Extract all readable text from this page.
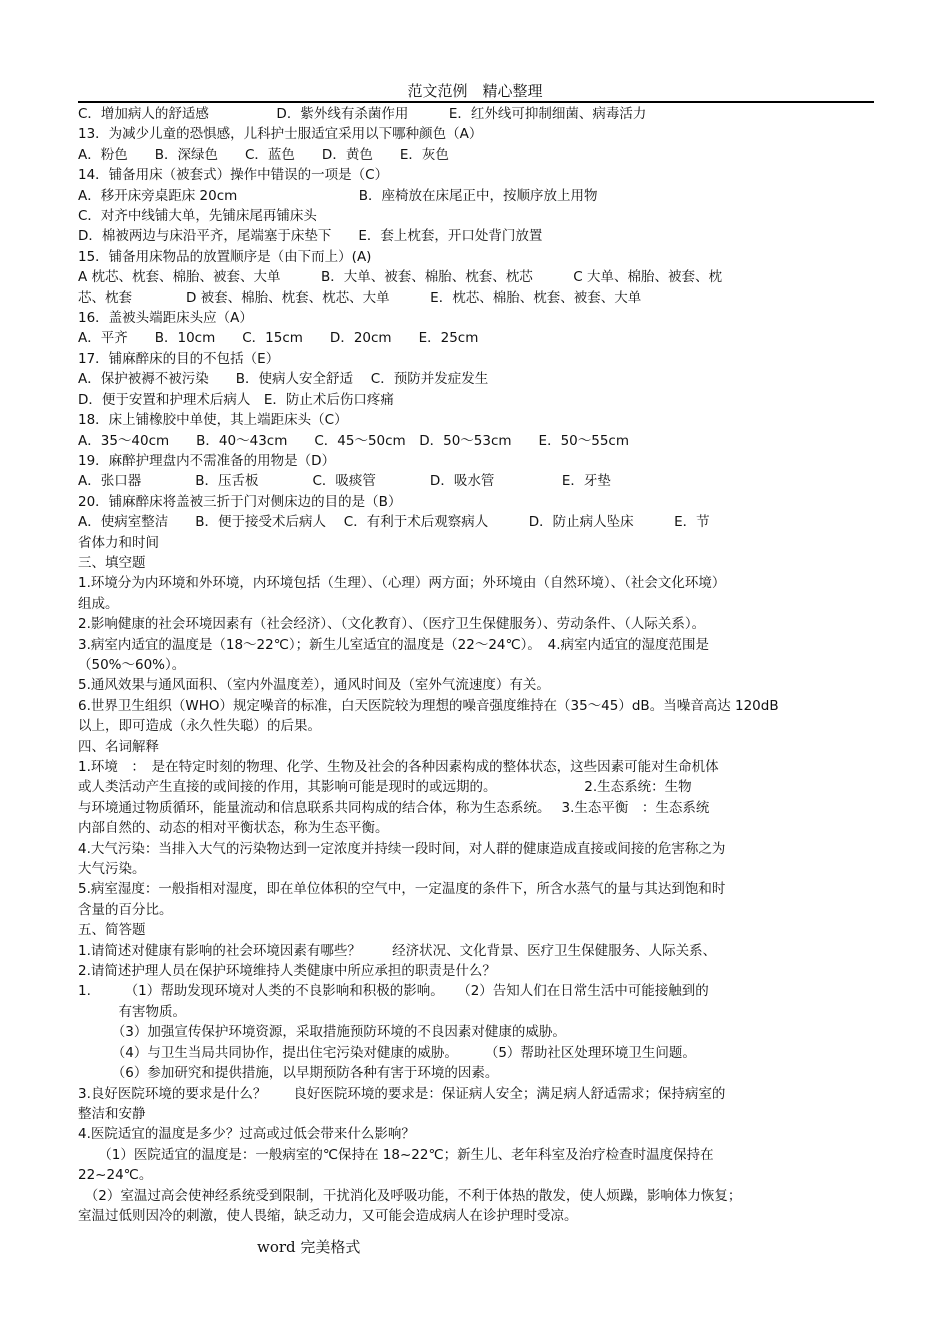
范文范例　精心整理
C．增加病人的舒适感　　　　　D．紫外线有杀菌作用　　　E．红外线可抑制细菌、病毒活力
13．为减少儿童的恐惧感，儿科护士服适宜采用以下哪种颜色（A）
A．粉色　　B．深绿色　　C．蓝色　　D．黄色　　E．灰色
14．铺备用床（被套式）操作中错误的一项是（C）
A．移开床旁桌距床 20cm　　　　　　　　　B．座椅放在床尾正中，按顺序放上用物
C．对齐中线铺大单，先铺床尾再铺床头
D．棉被两边与床沿平齐，尾端塞于床垫下　　E．套上枕套，开口处背门放置
15．铺备用床物品的放置顺序是（由下而上）(A)
A 枕芯、枕套、棉胎、被套、大单　　　B．大单、被套、棉胎、枕套、枕芯　　　C 大单、棉胎、被套、枕
芯、枕套　　　　D 被套、棉胎、枕套、枕芯、大单　　　E．枕芯、棉胎、枕套、被套、大单
16．盖被头端距床头应（A）
A．平齐　　B．10cm　　C．15cm　　D．20cm　　E．25cm
17．铺麻醉床的目的不包括（E）
A．保护被褥不被污染　　B．使病人安全舒适　 C．预防并发症发生
D．便于安置和护理术后病人　E．防止术后伤口疼痛
18．床上铺橡胶中单使，其上端距床头（C）
A．35～40cm　　B．40～43cm　　C．45～50cm　D．50～53cm　　E．50～55cm
19．麻醉护理盘内不需准备的用物是（D）
A．张口器　　　　B．压舌板　　　　C．吸痰管　　　　D．吸水管　　　　　E．牙垫
20．铺麻醉床将盖被三折于门对侧床边的目的是（B）
A．使病室整洁　　B．便于接受术后病人　 C．有利于术后观察病人　　　D．防止病人坠床　　　E．节
省体力和时间
三、填空题
1.环境分为内环境和外环境，内环境包括（生理）、（心理）两方面；外环境由（自然环境）、（社会文化环境）
组成。
2.影响健康的社会环境因素有（社会经济）、（文化教育）、（医疗卫生保健服务）、劳动条件、（人际关系）。
3.病室内适宜的温度是（18～22℃）；新生儿室适宜的温度是（22～24℃）。　4.病室内适宜的湿度范围是
（50%～60%）。
5.通风效果与通风面积、（室内外温度差），通风时间及（室外气流速度）有关。
6.世界卫生组织（WHO）规定噪音的标准，白天医院较为理想的噪音强度维持在（35～45）dB。当噪音高达 120dB
以上，即可造成（永久性失聪）的后果。
四、名词解释
1.环境　：　是在特定时刻的物理、化学、生物及社会的各种因素构成的整体状态，这些因素可能对生命机体
或人类活动产生直接的或间接的作用，其影响可能是现时的或远期的。　　　　　　　2.生态系统：生物
与环境通过物质循环，能量流动和信息联系共同构成的结合体，称为生态系统。　 3.生态平衡　：生态系统
内部自然的、动态的相对平衡状态，称为生态平衡。
4.大气污染：当排入大气的污染物达到一定浓度并持续一段时间，对人群的健康造成直接或间接的危害称之为
大气污染。
5.病室湿度：一般指相对湿度，即在单位体积的空气中，一定温度的条件下，所含水蒸气的量与其达到饱和时
含量的百分比。
五、简答题
1.请简述对健康有影响的社会环境因素有哪些？　　 经济状况、文化背景、医疗卫生保健服务、人际关系、
2.请简述护理人员在保护环境维持人类健康中所应承担的职责是什么？
1.　　　（1）帮助发现环境对人类的不良影响和积极的影响。　　（2）告知人们在日常生活中可能接触到的
　　　有害物质。
　　　（3）加强宣传保护环境资源，采取措施预防环境的不良因素对健康的威胁。
　　　（4）与卫生当局共同协作，提出住宅污染对健康的威胁。　　　（5）帮助社区处理环境卫生问题。
　　　（6）参加研究和提供措施，以早期预防各种有害于环境的因素。
3.良好医院环境的要求是什么？　　良好医院环境的要求是：保证病人安全；满足病人舒适需求；保持病室的
整洁和安静
4.医院适宜的温度是多少？过高或过低会带来什么影响？
　　（1）医院适宜的温度是：一般病室的℃保持在 18~22℃；新生儿、老年科室及治疗检查时温度保持在
22~24℃。
　（2）室温过高会使神经系统受到限制，干扰消化及呼吸功能，不利于体热的散发，使人烦躁，影响体力恢复；
室温过低则因冷的刺激，使人畏缩，缺乏动力，又可能会造成病人在诊护理时受凉。
word 完美格式
